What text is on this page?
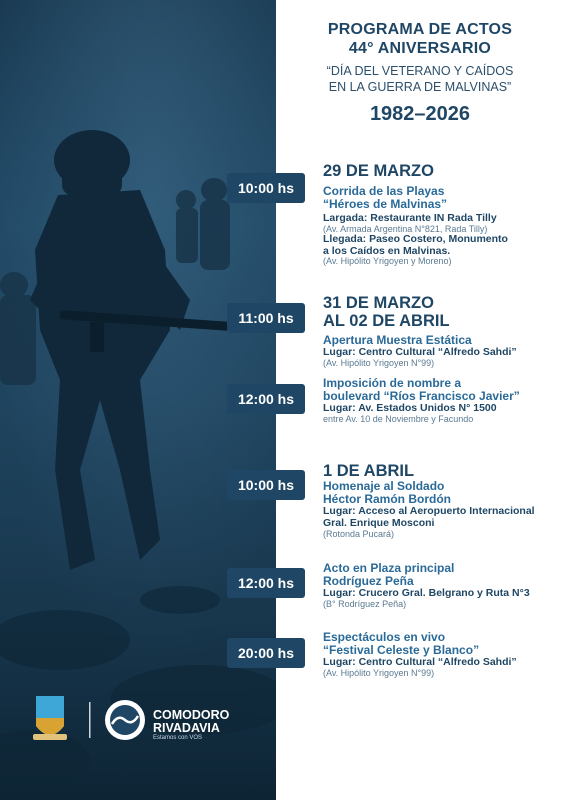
COMODORO
RIVADAVIA
Estamos con VOS
PROGRAMA DE ACTOS
44° ANIVERSARIO
“DÍA DEL VETERANO Y CAÍDOS
EN LA GUERRA DE MALVINAS”
1982–2026
29 DE MARZO
10:00 hs	Corrida de las Playas
“Héroes de Malvinas”
Largada: Restaurante IN Rada Tilly
(Av. Armada Argentina N°821, Rada Tilly)
Llegada: Paseo Costero, Monumento
a los Caídos en Malvinas.
(Av. Hipólito Yrigoyen y Moreno)
31 DE MARZO
AL 02 DE ABRIL
11:00 hs
Apertura Muestra Estática
Lugar: Centro Cultural “Alfredo Sahdi”
(Av. Hipólito Yrigoyen N°99)
12:00 hs
Imposición de nombre a
boulevard “Ríos Francisco Javier”
Lugar: Av. Estados Unidos N° 1500
entre Av. 10 de Noviembre y Facundo
1 DE ABRIL
10:00 hs	Homenaje al Soldado
Héctor Ramón Bordón
Lugar: Acceso al Aeropuerto Internacional
Gral. Enrique Mosconi
(Rotonda Pucará)
12:00 hs
Acto en Plaza principal
Rodríguez Peña
Lugar: Crucero Gral. Belgrano y Ruta N°3
(B° Rodríguez Peña)
20:00 hs
Espectáculos en vivo
“Festival Celeste y Blanco”
Lugar: Centro Cultural “Alfredo Sahdi”
(Av. Hipólito Yrigoyen N°99)
